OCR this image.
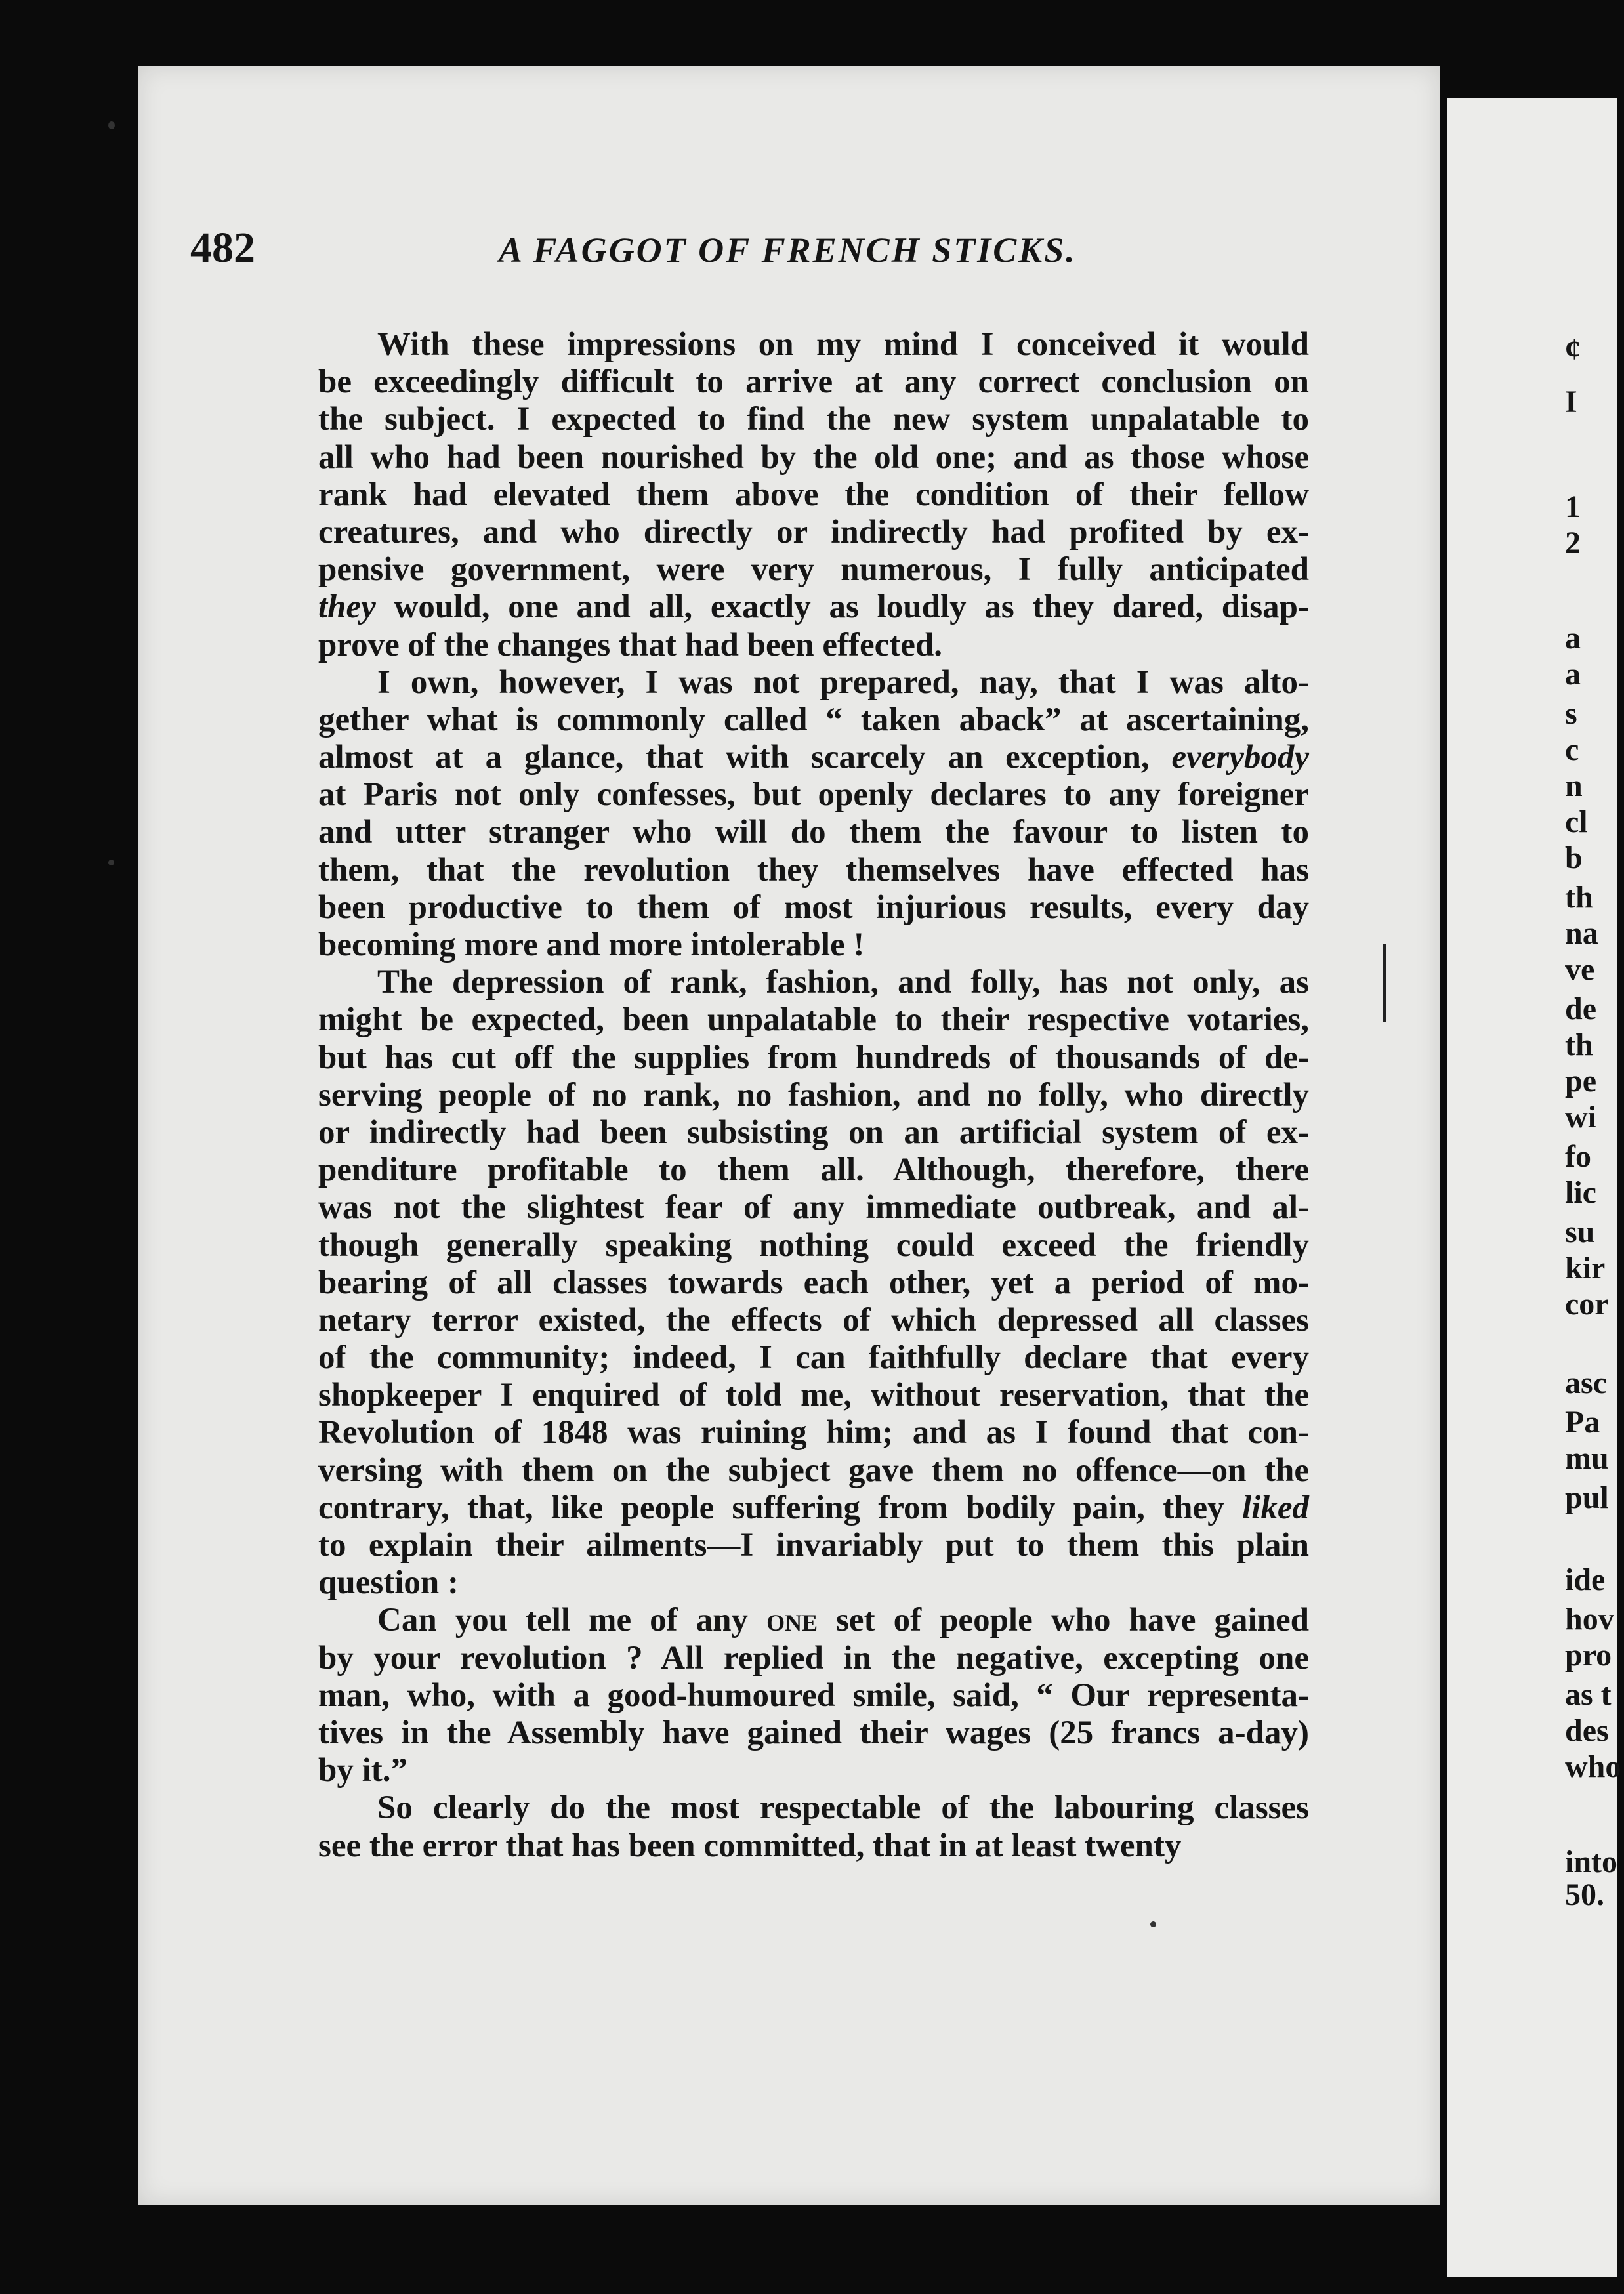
482	A FAGGOT OF FRENCH STICKS.
With these impressions on my mind I conceived it would
be exceedingly difficult to arrive at any correct conclusion on
the subject. I expected to find the new system unpalatable to
all who had been nourished by the old one; and as those whose
rank had elevated them above the condition of their fellow
creatures, and who directly or indirectly had profited by ex-
pensive government, were very numerous, I fully anticipated
they would, one and all, exactly as loudly as they dared, disap-
prove of the changes that had been effected.
I own, however, I was not prepared, nay, that I was alto-
gether what is commonly called “ taken aback” at ascertaining,
almost at a glance, that with scarcely an exception, everybody
at Paris not only confesses, but openly declares to any foreigner
and utter stranger who will do them the favour to listen to
them, that the revolution they themselves have effected has
been productive to them of most injurious results, every day
becoming more and more intolerable !
The depression of rank, fashion, and folly, has not only, as
might be expected, been unpalatable to their respective votaries,
but has cut off the supplies from hundreds of thousands of de-
serving people of no rank, no fashion, and no folly, who directly
or indirectly had been subsisting on an artificial system of ex-
penditure profitable to them all. Although, therefore, there
was not the slightest fear of any immediate outbreak, and al-
though generally speaking nothing could exceed the friendly
bearing of all classes towards each other, yet a period of mo-
netary terror existed, the effects of which depressed all classes
of the community; indeed, I can faithfully declare that every
shopkeeper I enquired of told me, without reservation, that the
Revolution of 1848 was ruining him; and as I found that con-
versing with them on the subject gave them no offence—on the
contrary, that, like people suffering from bodily pain, they liked
to explain their ailments—I invariably put to them this plain
question :
Can you tell me of any one set of people who have gained
by your revolution ? All replied in the negative, excepting one
man, who, with a good-humoured smile, said, “ Our representa-
tives in the Assembly have gained their wages (25 francs a-day)
by it.”
So clearly do the most respectable of the labouring classes
see the error that has been committed, that in at least twenty
¢
I
1
2
a
a
s
c
n
cl
b
th
na
ve
de
th
pe
wi
fo
lic
su
kir
cor
asc
Pa
mu
pul
ide
hov
pro
as t
des
who
into
50.
